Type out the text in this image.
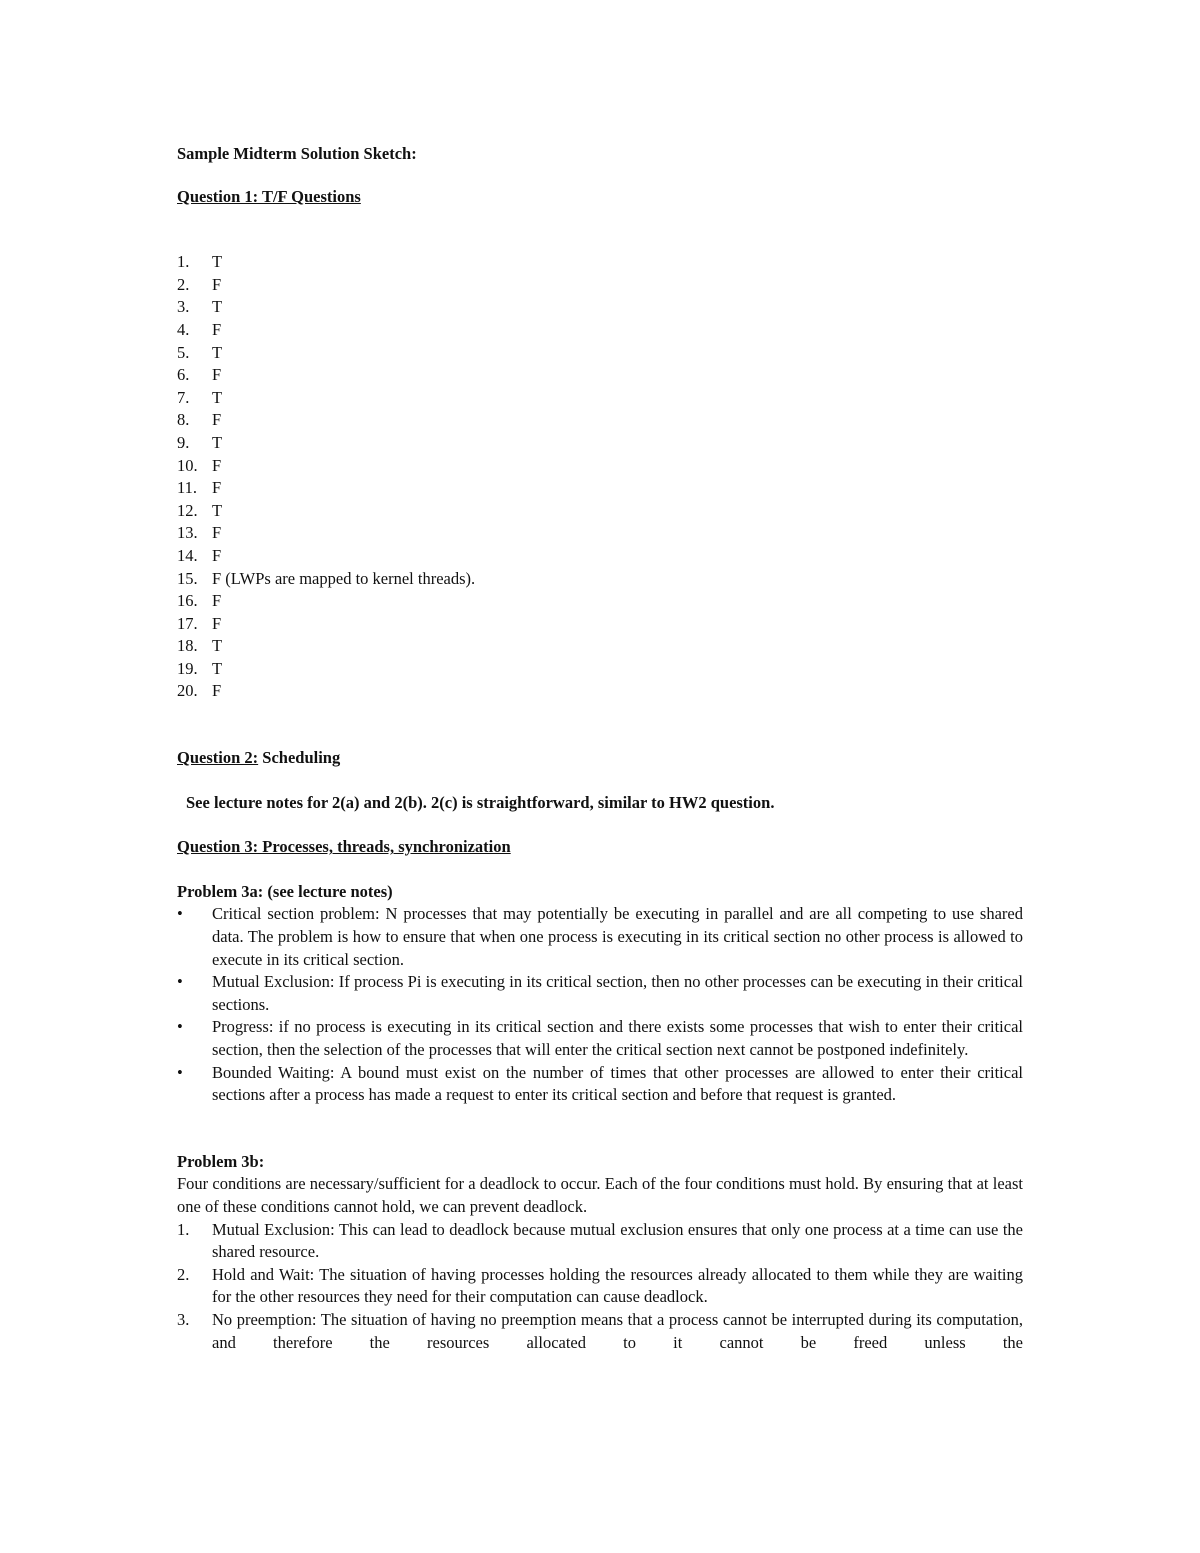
Sample Midterm Solution Sketch:
Question 1: T/F Questions
1.	T
2.	F
3.	T
4.	F
5.	T
6.	F
7.	T
8.	F
9.	T
10. F
11. F
12. T
13. F
14. F
15. F (LWPs are mapped to kernel threads).
16. F
17. F
18. T
19. T
20. F
Question 2: Scheduling
See lecture notes for 2(a) and 2(b). 2(c) is straightforward, similar to HW2 question.
Question 3: Processes, threads, synchronization
Problem 3a: (see lecture notes)
•	Critical section problem: N processes that may potentially be executing in parallel and are all competing to use shared data. The problem is how to ensure that when one process is executing in its critical section no other process is allowed to execute in its critical section.
•	Mutual Exclusion: If process Pi is executing in its critical section, then no other processes can be executing in their critical sections.
•	Progress: if no process is executing in its critical section and there exists some processes that wish to enter their critical section, then the selection of the processes that will enter the critical section next cannot be postponed indefinitely.
•	Bounded Waiting: A bound must exist on the number of times that other processes are allowed to enter their critical sections after a process has made a request to enter its critical section and before that request is granted.
Problem 3b:
Four conditions are necessary/sufficient for a deadlock to occur. Each of the four conditions must hold. By ensuring that at least one of these conditions cannot hold, we can prevent deadlock.
1.	Mutual Exclusion: This can lead to deadlock because mutual exclusion ensures that only one process at a time can use the shared resource.
2.	Hold and Wait: The situation of having processes holding the resources already allocated to them while they are waiting for the other resources they need for their computation can cause deadlock.
3.	No preemption: The situation of having no preemption means that a process cannot be interrupted during its computation, and therefore the resources allocated to it cannot be freed unless the
